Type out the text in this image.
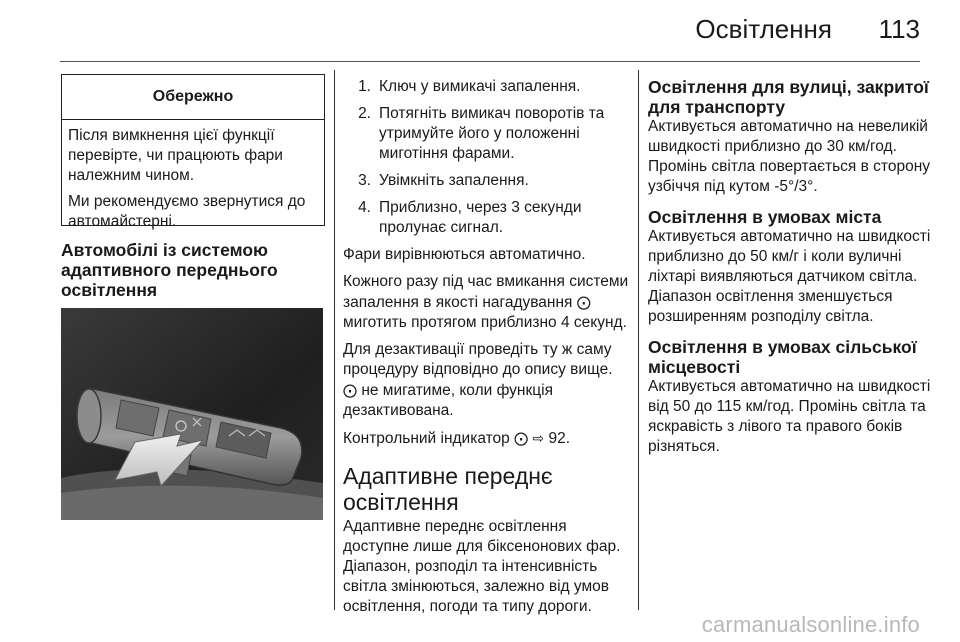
Освітлення 113
Обережно

Після вимкнення цієї функції перевірте, чи працюють фари належним чином.

Ми рекомендуємо звернутися до автомайстерні.

Автомобілі із системою
адаптивного переднього
освітлення
1. Ключ у вимикачі запалення.
2. Потягніть вимикач поворотів та утримуйте його у положенні миготіння фарами.
3. Увімкніть запалення.
4. Приблизно, через 3 секунди пролунає сигнал.

Фари вирівнюються автоматично.

Кожного разу під час вмикання системи запалення в якості нагадування ⨀ миготить протягом приблизно 4 секунд.

Для дезактивації проведіть ту ж саму процедуру відповідно до опису вище. ⨀ не мигатиме, коли функція дезактивована.

Контрольний індикатор ⨀ ⇨ 92.

Адаптивне переднє освітлення

Адаптивне переднє освітлення доступне лише для біксенонових фар. Діапазон, розподіл та інтенсивність світла змінюються, залежно від умов освітлення, погоди та типу дороги.

Освітлення для вулиці, закритої для транспорту

Активується автоматично на невеликій швидкості приблизно до 30 км/год. Промінь світла повертається в сторону узбіччя під кутом -5°/3°.

Освітлення в умовах міста

Активується автоматично на швидкості приблизно до 50 км/г і коли вуличні ліхтарі виявляються датчиком світла. Діапазон освітлення зменшується розширенням розподілу світла.

Освітлення в умовах сільської місцевості

Активується автоматично на швидкості від 50 до 115 км/год. Промінь світла та яскравість з лівого та правого боків різняться.

carmanualsonline.info
